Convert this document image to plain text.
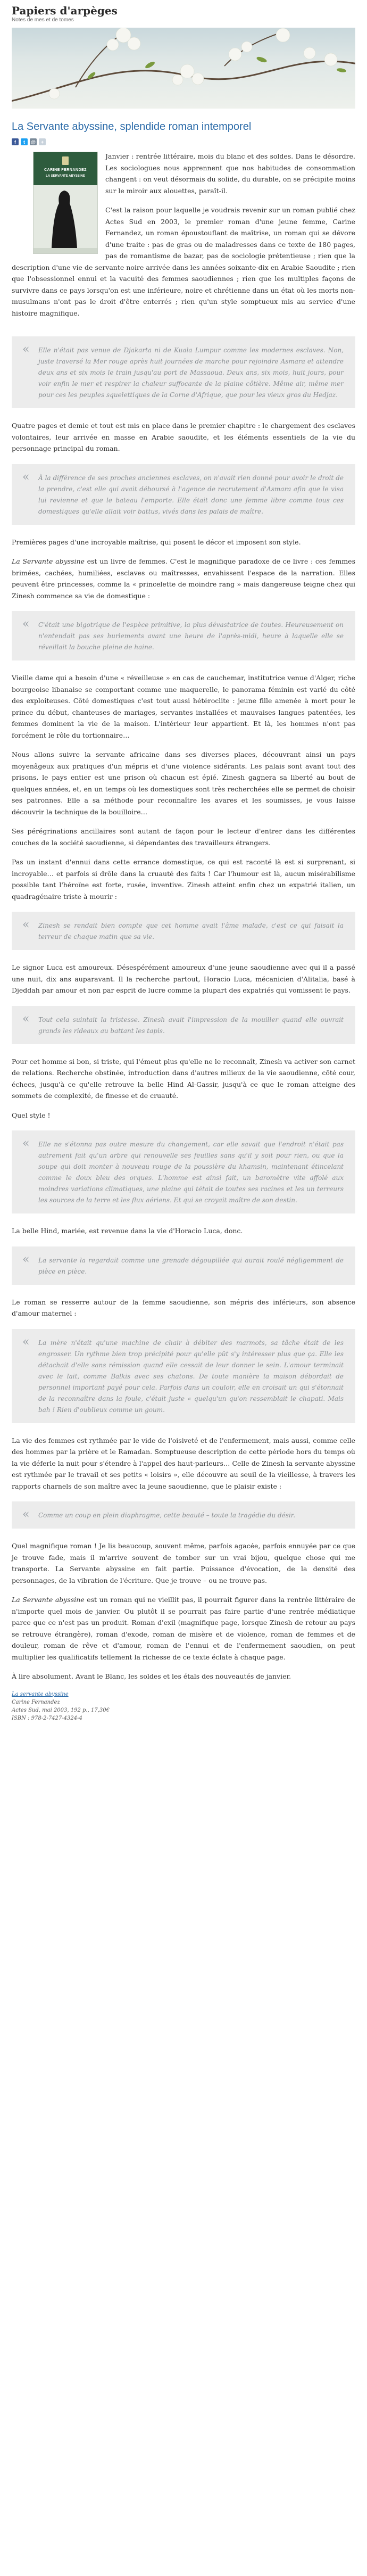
Papiers d'arpèges

Notes de mes et de tomes

La Servante abyssine, splendide roman intemporel
f	t	@	+
CARINE FERNANDEZ
LA SERVANTE ABYSSINE

Janvier : rentrée littéraire, mois du blanc et des soldes. Dans le désordre. Les sociologues nous apprennent que nos habitudes de consommation changent : on veut désormais du solide, du durable, on se précipite moins sur le miroir aux alouettes, paraît-il.

C'est la raison pour laquelle je voudrais revenir sur un roman publié chez Actes Sud en 2003, le premier roman d'une jeune femme, Carine Fernandez, un roman époustouflant de maîtrise, un roman qui se dévore d'une traite : pas de gras ou de maladresses dans ce texte de 180 pages, pas de romantisme de bazar, pas de sociologie prétentieuse ; rien que la description d'une vie de servante noire arrivée dans les années soixante-dix en Arabie Saoudite ; rien que l'obsessionnel ennui et la vacuité des femmes saoudiennes ; rien que les multiples façons de survivre dans ce pays lorsqu'on est une inférieure, noire et chrétienne dans un état où les morts non-musulmans n'ont pas le droit d'être enterrés ; rien qu'un style somptueux mis au service d'une histoire magnifique.

« Elle n'était pas venue de Djakarta ni de Kuala Lumpur comme les modernes esclaves. Non, juste traversé la Mer rouge après huit journées de marche pour rejoindre Asmara et attendre deux ans et six mois le train jusqu'au port de Massaoua. Deux ans, six mois, huit jours, pour voir enfin le mer et respirer la chaleur suffocante de la plaine côtière. Même air, même mer pour ces les peuples squelettiques de la Corne d'Afrique, que pour les vieux gros du Hedjaz.

Quatre pages et demie et tout est mis en place dans le premier chapitre : le chargement des esclaves volontaires, leur arrivée en masse en Arabie saoudite, et les éléments essentiels de la vie du personnage principal du roman.

« À la différence de ses proches anciennes esclaves, on n'avait rien donné pour avoir le droit de la prendre, c'est elle qui avait déboursé à l'agence de recrutement d'Asmara afin que le visa lui revienne et que le bateau l'emporte. Elle était donc une femme libre comme tous ces domestiques qu'elle allait voir battus, vivés dans les palais de maître.

Premières pages d'une incroyable maîtrise, qui posent le décor et imposent son style.

La Servante abyssine est un livre de femmes. C'est le magnifique paradoxe de ce livre : ces femmes brimées, cachées, humiliées, esclaves ou maîtresses, envahissent l'espace de la narration. Elles peuvent être princesses, comme la « princelette de moindre rang » mais dangereuse teigne chez qui Zinesh commence sa vie de domestique :

« C'était une bigotrique de l'espèce primitive, la plus dévastatrice de toutes. Heureusement on n'entendait pas ses hurlements avant une heure de l'après-midi, heure à laquelle elle se réveillait la bouche pleine de haine.

Vieille dame qui a besoin d'une « réveilleuse » en cas de cauchemar, institutrice venue d'Alger, riche bourgeoise libanaise se comportant comme une maquerelle, le panorama féminin est varié du côté des exploiteuses. Côté domestiques c'est tout aussi hétéroclite : jeune fille amenée à mort pour le prince du début, chanteuses de mariages, servantes installées et mauvaises langues patentées, les femmes dominent la vie de la maison. L'intérieur leur appartient. Et là, les hommes n'ont pas forcément le rôle du tortionnaire…

Nous allons suivre la servante africaine dans ses diverses places, découvrant ainsi un pays moyenâgeux aux pratiques d'un mépris et d'une violence sidérants. Les palais sont avant tout des prisons, le pays entier est une prison où chacun est épié. Zinesh gagnera sa liberté au bout de quelques années, et, en un temps où les domestiques sont très recherchées elle se permet de choisir ses patronnes. Elle a sa méthode pour reconnaître les avares et les soumisses, je vous laisse découvrir la technique de la bouilloire…

Ses pérégrinations ancillaires sont autant de façon pour le lecteur d'entrer dans les différentes couches de la société saoudienne, si dépendantes des travailleurs étrangers.

Pas un instant d'ennui dans cette errance domestique, ce qui est raconté là est si surprenant, si incroyable… et parfois si drôle dans la cruauté des faits ! Car l'humour est là, aucun misérabilisme possible tant l'héroïne est forte, rusée, inventive. Zinesh atteint enfin chez un expatrié italien, un quadragénaire triste à mourir :

« Zinesh se rendait bien compte que cet homme avait l'âme malade, c'est ce qui faisait la terreur de chaque matin que sa vie.

Le signor Luca est amoureux. Désespérément amoureux d'une jeune saoudienne avec qui il a passé une nuit, dix ans auparavant. Il la recherche partout, Horacio Luca, mécanicien d'Alitalia, basé à Djeddah par amour et non par esprit de lucre comme la plupart des expatriés qui vomissent le pays.

« Tout cela suintait la tristesse. Zinesh avait l'impression de la mouiller quand elle ouvrait grands les rideaux au battant les tapis.

Pour cet homme si bon, si triste, qui l'émeut plus qu'elle ne le reconnaît, Zinesh va activer son carnet de relations. Recherche obstinée, introduction dans d'autres milieux de la vie saoudienne, côté cour, échecs, jusqu'à ce qu'elle retrouve la belle Hind Al-Gassir, jusqu'à ce que le roman atteigne des sommets de complexité, de finesse et de cruauté.

Quel style !

« Elle ne s'étonna pas outre mesure du changement, car elle savait que l'endroit n'était pas autrement fait qu'un arbre qui renouvelle ses feuilles sans qu'il y soit pour rien, ou que la soupe qui doit monter à nouveau rouge de la poussière du khamsin, maintenant étincelant comme le doux bleu des orques. L'homme est ainsi fait, un baromètre vite affolé aux moindres variations climatiques, une plaine qui tétait de toutes ses racines et les un terreurs les sources de la terre et les flux aériens. Et qui se croyait maître de son destin.

La belle Hind, mariée, est revenue dans la vie d'Horacio Luca, donc.

« La servante la regardait comme une grenade dégoupillée qui aurait roulé négligemment de pièce en pièce.

Le roman se resserre autour de la femme saoudienne, son mépris des inférieurs, son absence d'amour maternel :

« La mère n'était qu'une machine de chair à débiter des marmots, sa tâche était de les engrosser. Un rythme bien trop précipité pour qu'elle pût s'y intéresser plus que ça. Elle les détachait d'elle sans rémission quand elle cessait de leur donner le sein. L'amour terminait avec le lait, comme Balkis avec ses chatons. De toute manière la maison débordait de personnel important payé pour cela. Parfois dans un couloir, elle en croisait un qui s'étonnait de la reconnaître dans la foule, c'était juste « quelqu'un qu'on ressemblait le chapati. Mais bah ! Rien d'oublieux comme un goum.

La vie des femmes est rythmée par le vide de l'oisiveté et de l'enfermement, mais aussi, comme celle des hommes par la prière et le Ramadan. Somptueuse description de cette période hors du temps où la vie déferle la nuit pour s'étendre à l'appel des haut-parleurs… Celle de Zinesh la servante abyssine est rythmée par le travail et ses petits « loisirs », elle découvre au seuil de la vieillesse, à travers les rapports charnels de son maître avec la jeune saoudienne, que le plaisir existe :

« Comme un coup en plein diaphragme, cette beauté – toute la tragédie du désir.

Quel magnifique roman ! Je lis beaucoup, souvent même, parfois agacée, parfois ennuyée par ce que je trouve fade, mais il m'arrive souvent de tomber sur un vrai bijou, quelque chose qui me transporte. La Servante abyssine en fait partie. Puissance d'évocation, de la densité des personnages, de la vibration de l'écriture. Que je trouve – ou ne trouve pas.

La Servante abyssine est un roman qui ne vieillit pas, il pourrait figurer dans la rentrée littéraire de n'importe quel mois de janvier. Ou plutôt il se pourrait pas faire partie d'une rentrée médiatique parce que ce n'est pas un produit. Roman d'exil (magnifique page, lorsque Zinesh de retour au pays se retrouve étrangère), roman d'exode, roman de misère et de violence, roman de femmes et de douleur, roman de rêve et d'amour, roman de l'ennui et de l'enfermement saoudien, on peut multiplier les qualificatifs tellement la richesse de ce texte éclate à chaque page.

À lire absolument. Avant le Blanc, les soldes et les étals des nouveautés de janvier.

La servante abyssine

Carine Fernandez

Actes Sud, mai 2003, 192 p., 17,30€

ISBN : 978-2-7427-4324-4
